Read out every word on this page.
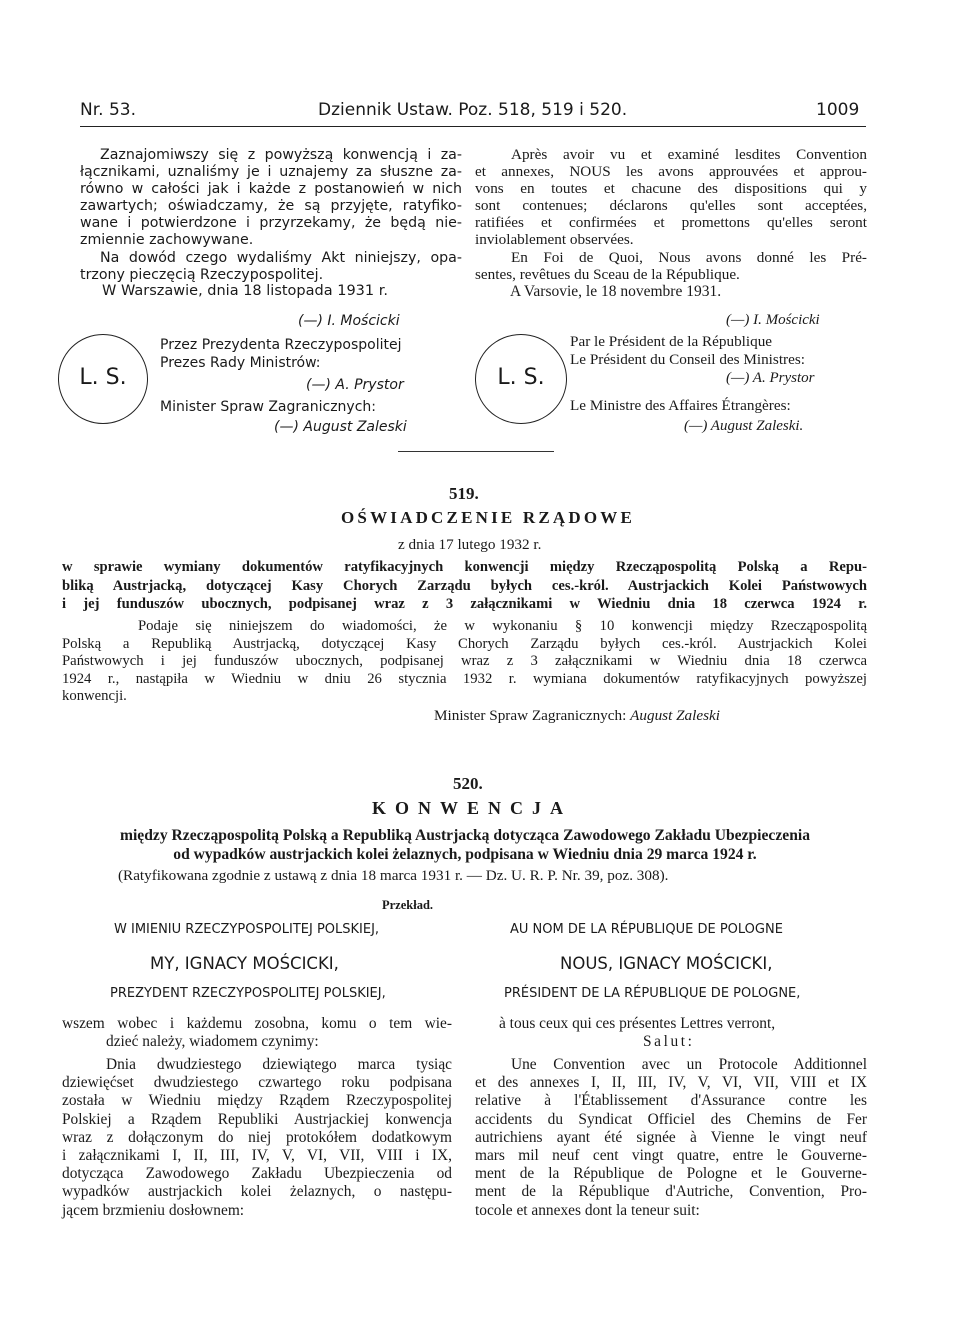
Nr. 53.	Dziennik Ustaw. Poz. 518, 519 i 520.	1009
Zaznajomiwszy się z powyższą konwencją i za-
łącznikami, uznaliśmy je i uznajemy za słuszne za-
równo w całości jak i każde z postanowień w nich
zawartych; oświadczamy, że są przyjęte, ratyfiko-
wane i potwierdzone i przyrzekamy, że będą nie-
zmiennie zachowywane.
Na dowód czego wydaliśmy Akt niniejszy, opa-
trzony pieczęcią Rzeczypospolitej.
W Warszawie, dnia 18 listopada 1931 r.
(—) I. Mościcki
L. S.
Przez Prezydenta Rzeczypospolitej
Prezes Rady Ministrów:
(—) A. Prystor
Minister Spraw Zagranicznych:
(—) August Zaleski
Après avoir vu et examiné lesdites Convention
et annexes, NOUS les avons approuvées et approu-
vons en toutes et chacune des dispositions qui y
sont contenues; déclarons qu'elles sont acceptées,
ratifiées et confirmées et promettons qu'elles seront
inviolablement observées.
En Foi de Quoi, Nous avons donné les Pré-
sentes, revêtues du Sceau de la République.
A Varsovie, le 18 novembre 1931.
(—) I. Mościcki
L. S.
Par le Président de la République
Le Président du Conseil des Ministres:
(—) A. Prystor
Le Ministre des Affaires Étrangères:
(—) August Zaleski.
519.
OŚWIADCZENIE RZĄDOWE
z dnia 17 lutego 1932 r.
w sprawie wymiany dokumentów ratyfikacyjnych konwencji między Rzecząpospolitą Polską a Repu-
bliką Austrjacką, dotyczącej Kasy Chorych Zarządu byłych ces.-król. Austrjackich Kolei Państwowych
i jej funduszów ubocznych, podpisanej wraz z 3 załącznikami w Wiedniu dnia 18 czerwca 1924 r.
Podaje się niniejszem do wiadomości, że w wykonaniu § 10 konwencji między Rzecząpospolitą
Polską a Republiką Austrjacką, dotyczącej Kasy Chorych Zarządu byłych ces.-król. Austrjackich Kolei
Państwowych i jej funduszów ubocznych, podpisanej wraz z 3 załącznikami w Wiedniu dnia 18 czerwca
1924 r., nastąpiła w Wiedniu w dniu 26 stycznia 1932 r. wymiana dokumentów ratyfikacyjnych powyższej
konwencji.
Minister Spraw Zagranicznych: August Zaleski
520.
KONWENCJA
między Rzecząpospolitą Polską a Republiką Austrjacką dotycząca Zawodowego Zakładu Ubezpieczenia
od wypadków austrjackich kolei żelaznych, podpisana w Wiedniu dnia 29 marca 1924 r.
(Ratyfikowana zgodnie z ustawą z dnia 18 marca 1931 r. — Dz. U. R. P. Nr. 39, poz. 308).
Przekład.
W IMIENIU RZECZYPOSPOLITEJ POLSKIEJ,
MY, IGNACY MOŚCICKI,
PREZYDENT RZECZYPOSPOLITEJ POLSKIEJ,
wszem wobec i każdemu zosobna, komu o tem wie-
dzieć należy, wiadomem czynimy:
Dnia dwudziestego dziewiątego marca tysiąc
dziewięćset dwudziestego czwartego roku podpisana
została w Wiedniu między Rządem Rzeczypospolitej
Polskiej a Rządem Republiki Austrjackiej konwencja
wraz z dołączonym do niej protokółem dodatkowym
i załącznikami I, II, III, IV, V, VI, VII, VIII i IX,
dotycząca Zawodowego Zakładu Ubezpieczenia od
wypadków austrjackich kolei żelaznych, o następu-
jącem brzmieniu dosłownem:
AU NOM DE LA RÉPUBLIQUE DE POLOGNE
NOUS, IGNACY MOŚCICKI,
PRÉSIDENT DE LA RÉPUBLIQUE DE POLOGNE,
à tous ceux qui ces présentes Lettres verront,
Salut:
Une Convention avec un Protocole Additionnel
et des annexes I, II, III, IV, V, VI, VII, VIII et IX
relative à l'Établissement d'Assurance contre les
accidents du Syndicat Officiel des Chemins de Fer
autrichiens ayant été signée à Vienne le vingt neuf
mars mil neuf cent vingt quatre, entre le Gouverne-
ment de la République de Pologne et le Gouverne-
ment de la République d'Autriche, Convention, Pro-
tocole et annexes dont la teneur suit:
